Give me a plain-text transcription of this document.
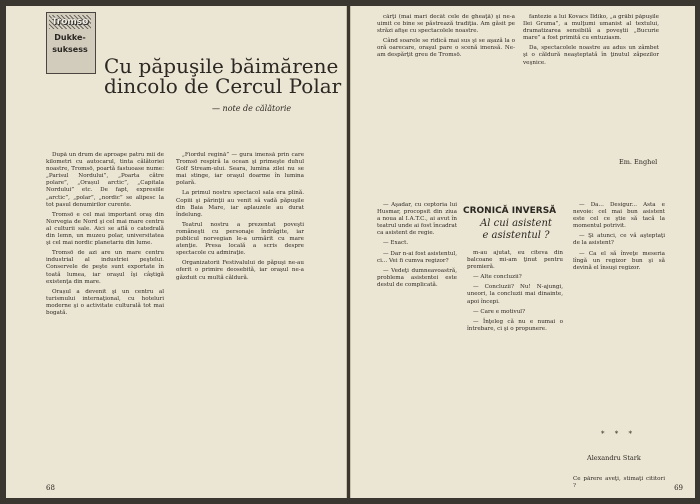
Tromsø
Dukke-
suksess
Cu păpuşile băimărene
dincolo de Cercul Polar
— note de călătorie

După un drum de aproape patru mii de kilometri cu autocarul, tinta călătoriei noastre, Tromsö, poartă fastuoase nume: „Parisul Nordului”, „Poarta către polare”, „Orașul arctic”, „Capitala Nordului” etc. De fapt, expresiile „arctic”, „polar”, „nordic” se alipesc la tot pasul denumirilor curente.

Tromsö e cel mai important oraş din Norvegia de Nord şi cel mai mare centru al culturii sale. Aici se află o catedrală din lemn, un muzeu polar, universitatea şi cel mai nordic planetariu din lume.

Tromsö de azi are un mare centru industrial al industriei peştelui. Conservele de peşte sunt exportate în toată lumea, iar oraşul îşi câştigă existenţa din mare.

Orașul a devenit şi un centru al turismului internaţional, cu hoteluri moderne şi o activitate culturală tot mai bogată.

„Fiordul regină” — gura imensă prin care Tromsö respiră la ocean şi primeşte duhul Golf Stream-ului. Seara, lumina zilei nu se mai stinge, iar oraşul doarme în lumina polară.

La primul nostru spectacol sala era plină. Copiii şi părinţii au venit să vadă păpuşile din Baia Mare, iar aplauzele au durat îndelung.

Teatrul nostru a prezentat poveşti româneşti cu personaje îndrăgite, iar publicul norvegian le-a urmărit cu mare atenţie. Presa locală a scris despre spectacole cu admiraţie.

Organizatorii Festivalului de păpuşi ne-au oferit o primire deosebită, iar oraşul ne-a găzduit cu multă căldură.

68

cărţi (mai mari decât cele de gheaţă) şi ne-a uimit ce bine se păstrează tradiţia. Am găsit pe străzi afişe cu spectacolele noastre.

Când soarele se ridică mai sus şi se aşază la o oră oarecare, oraşul pare o scenă imensă. Ne-am despărţit greu de Tromsö.

fantezie a lui Kovacs Ildiko, „a grăbi păpuşile Ilei Gruma”, a mulţumi umanist al textului, dramatizarea sensibilă a poveştii „Bucurie mare” a fost primită cu entuziasm.

Da, spectacolele noastre au adus un zâmbet şi o căldură neaşteptată în ţinutul zăpezilor veşnice.

Em. Enghel

— Aşadar, cu ceptoria lui Husmar, procopsit din ziua a noua al I.A.T.C., ai avut în teatrul unde ai fost încadrat ca asistent de regie.

— Exact.

— Dar n-ai fost asistentul, ci... Vei fi cumva regizor?

— Vedeţi dumneavoastră, problema asistentei este destul de complicată.

CRONICĂ INVERSĂ
Al cui asistent
e asistentul ?

m-au ajutat, eu cîteva din balcoane mi-am ţinut pentru premieră.

— Alte concluzii?

— Concluzii? Nu! N-ajungi, uneori, la concluzii mai dinainte, apoi începi.

— Care e motivul?

— Înţeleg că nu e numai o întrebare, ci şi o propunere.

— Da... Desigur... Asta e nevoie: cel mai bun asistent este cel ce ştie să tacă la momentul potrivit.

— Şi atunci, ce vă aşteptaţi de la asistent?

— Ca el să înveţe meseria lîngă un regizor bun şi să devină el însuşi regizor.

Alexandru Stark
Ce părere aveţi, stimaţi cititori ?
* * *
69
